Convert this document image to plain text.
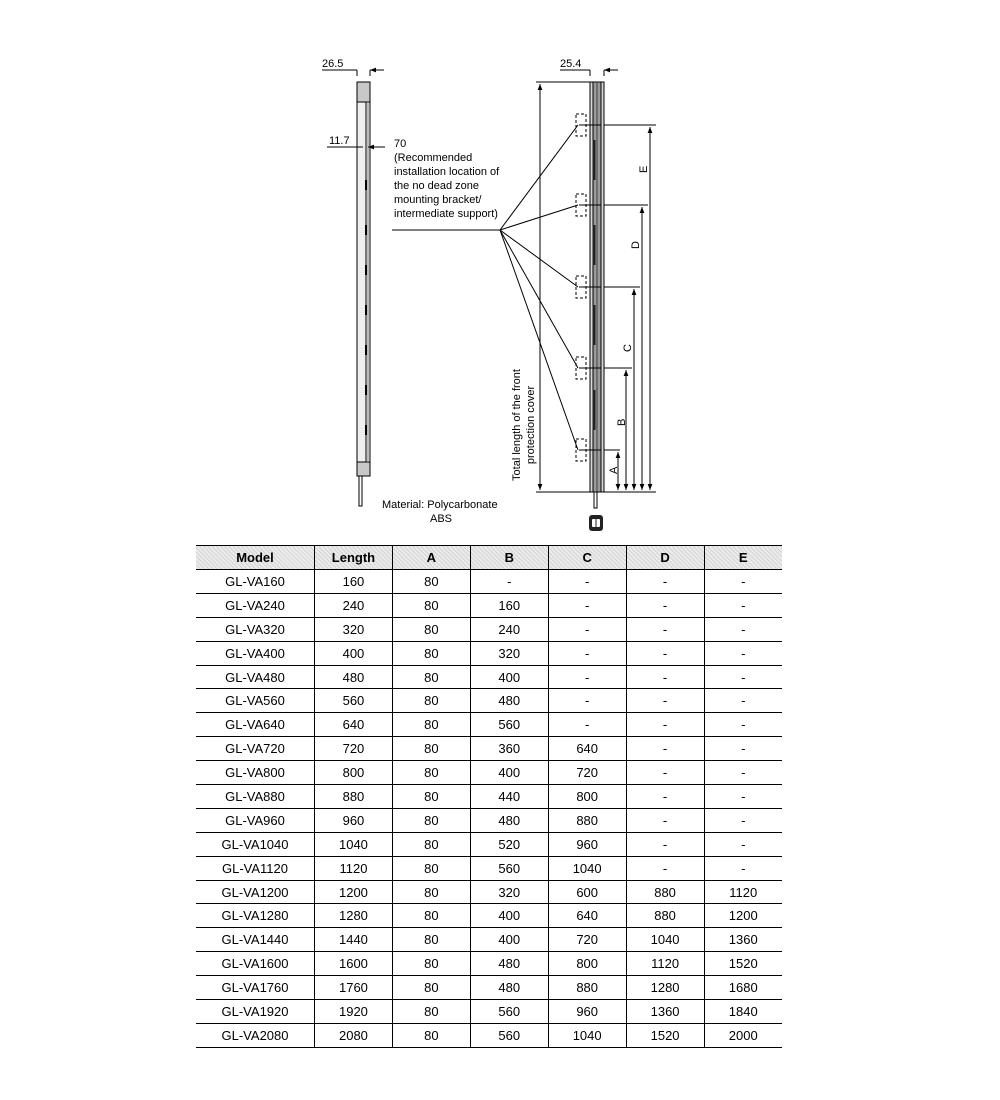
26.5
11.7	70
(Recommended
installation location of
the no dead zone
mounting bracket/
intermediate support)
Material: Polycarbonate
ABS
25.4
A
B
C
D
E
Total length of the front protection cover
Model	Length	A	B	C	D	E
GL-VA160	160	80	-	-	-	-
GL-VA240	240	80	160	-	-	-
GL-VA320	320	80	240	-	-	-
GL-VA400	400	80	320	-	-	-
GL-VA480	480	80	400	-	-	-
GL-VA560	560	80	480	-	-	-
GL-VA640	640	80	560	-	-	-
GL-VA720	720	80	360	640	-	-
GL-VA800	800	80	400	720	-	-
GL-VA880	880	80	440	800	-	-
GL-VA960	960	80	480	880	-	-
GL-VA1040	1040	80	520	960	-	-
GL-VA1120	1120	80	560	1040	-	-
GL-VA1200	1200	80	320	600	880	1120
GL-VA1280	1280	80	400	640	880	1200
GL-VA1440	1440	80	400	720	1040	1360
GL-VA1600	1600	80	480	800	1120	1520
GL-VA1760	1760	80	480	880	1280	1680
GL-VA1920	1920	80	560	960	1360	1840
GL-VA2080	2080	80	560	1040	1520	2000
